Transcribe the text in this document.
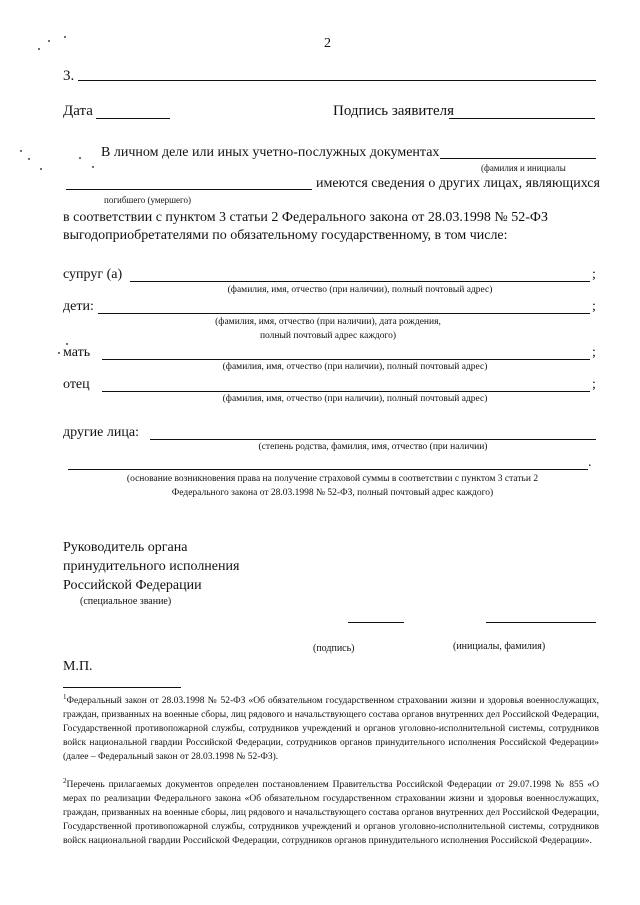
2
3.
Дата	Подпись заявителя
В личном деле или иных учетно-послужных документах
(фамилия и инициалы
имеются сведения о других лицах, являющихся
погибшего (умершего)
в соответствии с пунктом 3 статьи 2 Федерального закона от 28.03.1998 № 52-ФЗ
выгодоприобретателями по обязательному государственному, в том числе:
супруг (а)	;
(фамилия, имя, отчество (при наличии), полный почтовый адрес)
дети:	;
(фамилия, имя, отчество (при наличии), дата рождения,
полный почтовый адрес каждого)
мать	;
(фамилия, имя, отчество (при наличии), полный почтовый адрес)
отец	;
(фамилия, имя, отчество (при наличии), полный почтовый адрес)
другие лица:
(степень родства, фамилия, имя, отчество (при наличии)
.
(основание возникновения права на получение страховой суммы в соответствии с пунктом 3 статьи 2
Федерального закона от 28.03.1998 № 52-ФЗ, полный почтовый адрес каждого)
Руководитель органа
принудительного исполнения
Российской Федерации
(специальное звание)
(подпись)	(инициалы, фамилия)
М.П.
$^1$Федеральный закон от 28.03.1998 № 52-ФЗ «Об обязательном государственном страховании жизни и здоровья военнослужащих, граждан, призванных на военные сборы, лиц рядового и начальствующего состава органов внутренних дел Российской Федерации, Государственной противопожарной службы, сотрудников учреждений и органов уголовно-исполнительной системы, сотрудников войск национальной гвардии Российской Федерации, сотрудников органов принудительного исполнения Российской Федерации» (далее – Федеральный закон от 28.03.1998 № 52-ФЗ).
$^2$Перечень прилагаемых документов определен постановлением Правительства Российской Федерации от 29.07.1998 № 855 «О мерах по реализации Федерального закона «Об обязательном государственном страховании жизни и здоровья военнослужащих, граждан, призванных на военные сборы, лиц рядового и начальствующего состава органов внутренних дел Российской Федерации, Государственной противопожарной службы, сотрудников учреждений и органов уголовно-исполнительной системы, сотрудников войск национальной гвардии Российской Федерации, сотрудников органов принудительного исполнения Российской Федерации».
